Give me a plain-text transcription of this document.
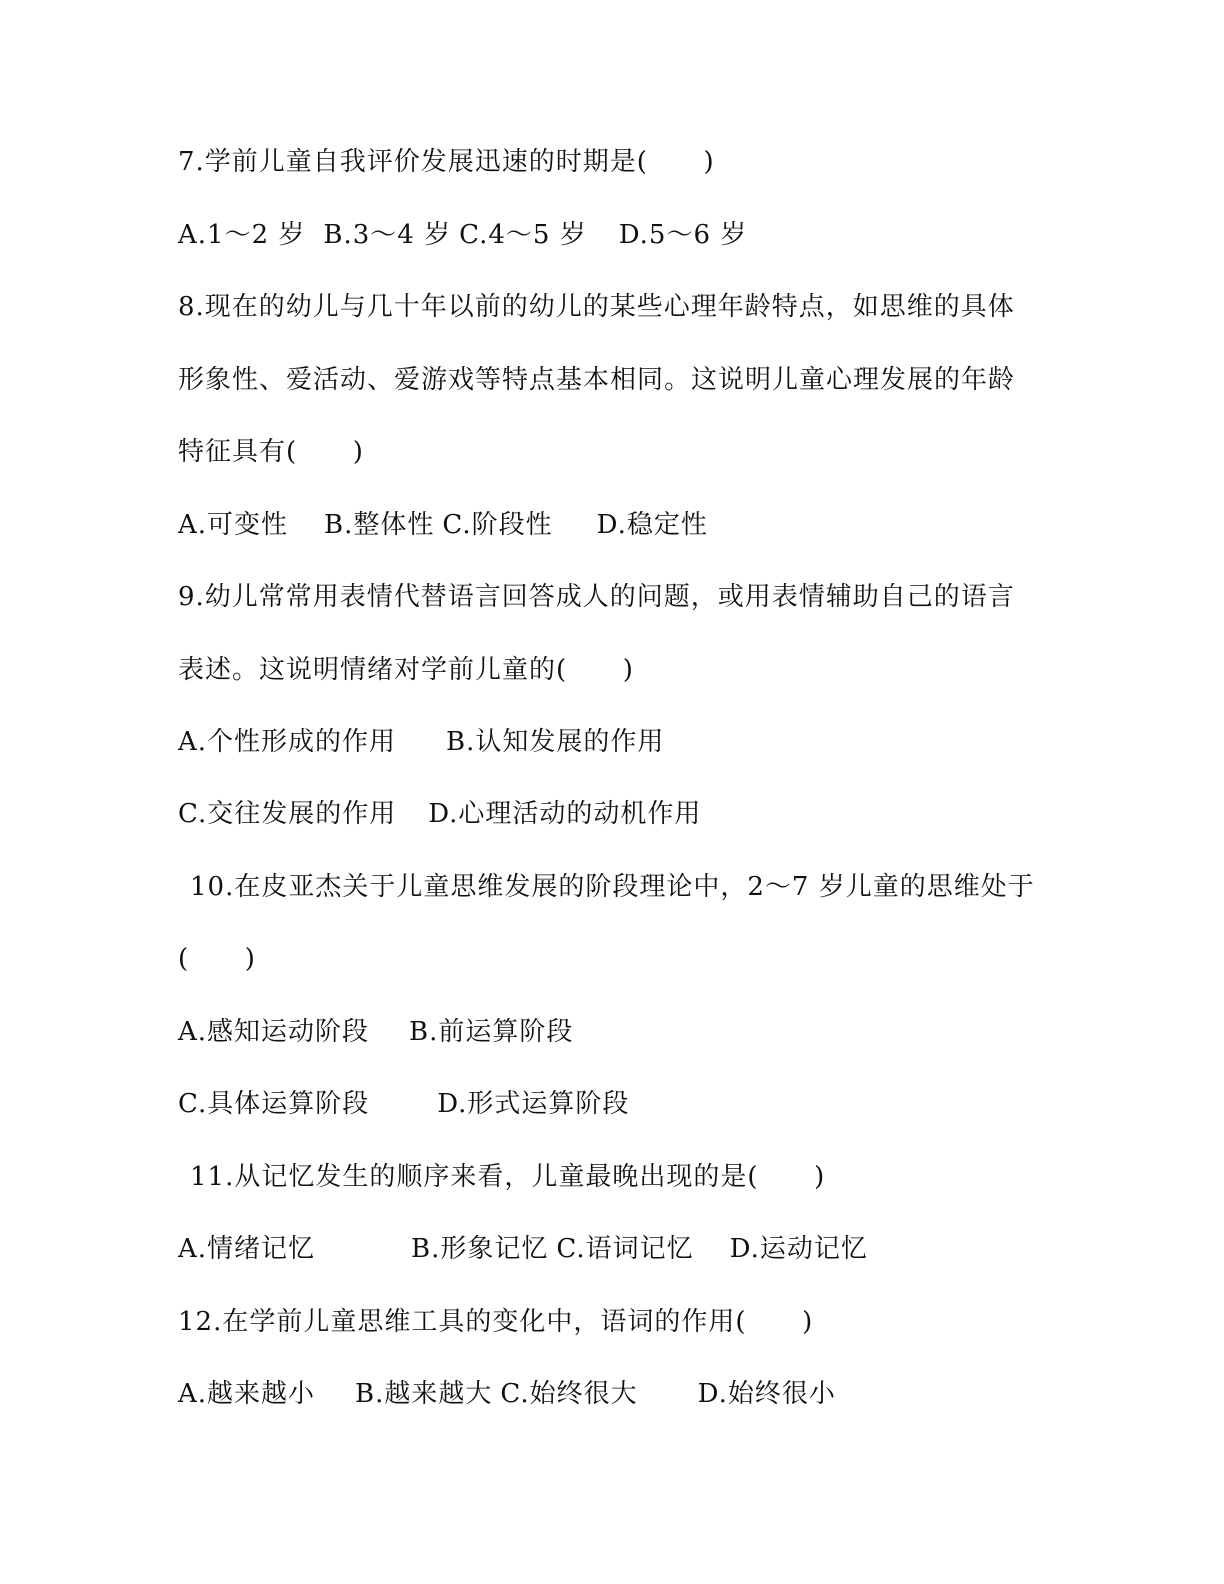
7.学前儿童自我评价发展迅速的时期是(      )
A.1～2 岁 B.3～4 岁 C.4～5 岁 D.5～6 岁
8.现在的幼儿与几十年以前的幼儿的某些心理年龄特点，如思维的具体
形象性、爱活动、爱游戏等特点基本相同。这说明儿童心理发展的年龄
特征具有(      )
A.可变性 B.整体性 C.阶段性 D.稳定性
9.幼儿常常用表情代替语言回答成人的问题，或用表情辅助自己的语言
表述。这说明情绪对学前儿童的(      )
A.个性形成的作用 B.认知发展的作用
C.交往发展的作用 D.心理活动的动机作用
10.在皮亚杰关于儿童思维发展的阶段理论中，2～7 岁儿童的思维处于
(      )
A.感知运动阶段 B.前运算阶段
C.具体运算阶段	D.形式运算阶段
11.从记忆发生的顺序来看，儿童最晚出现的是(      )
A.情绪记忆	B.形象记忆 C.语词记忆 D.运动记忆
12.在学前儿童思维工具的变化中，语词的作用(      )
A.越来越小 B.越来越大 C.始终很大 D.始终很小
